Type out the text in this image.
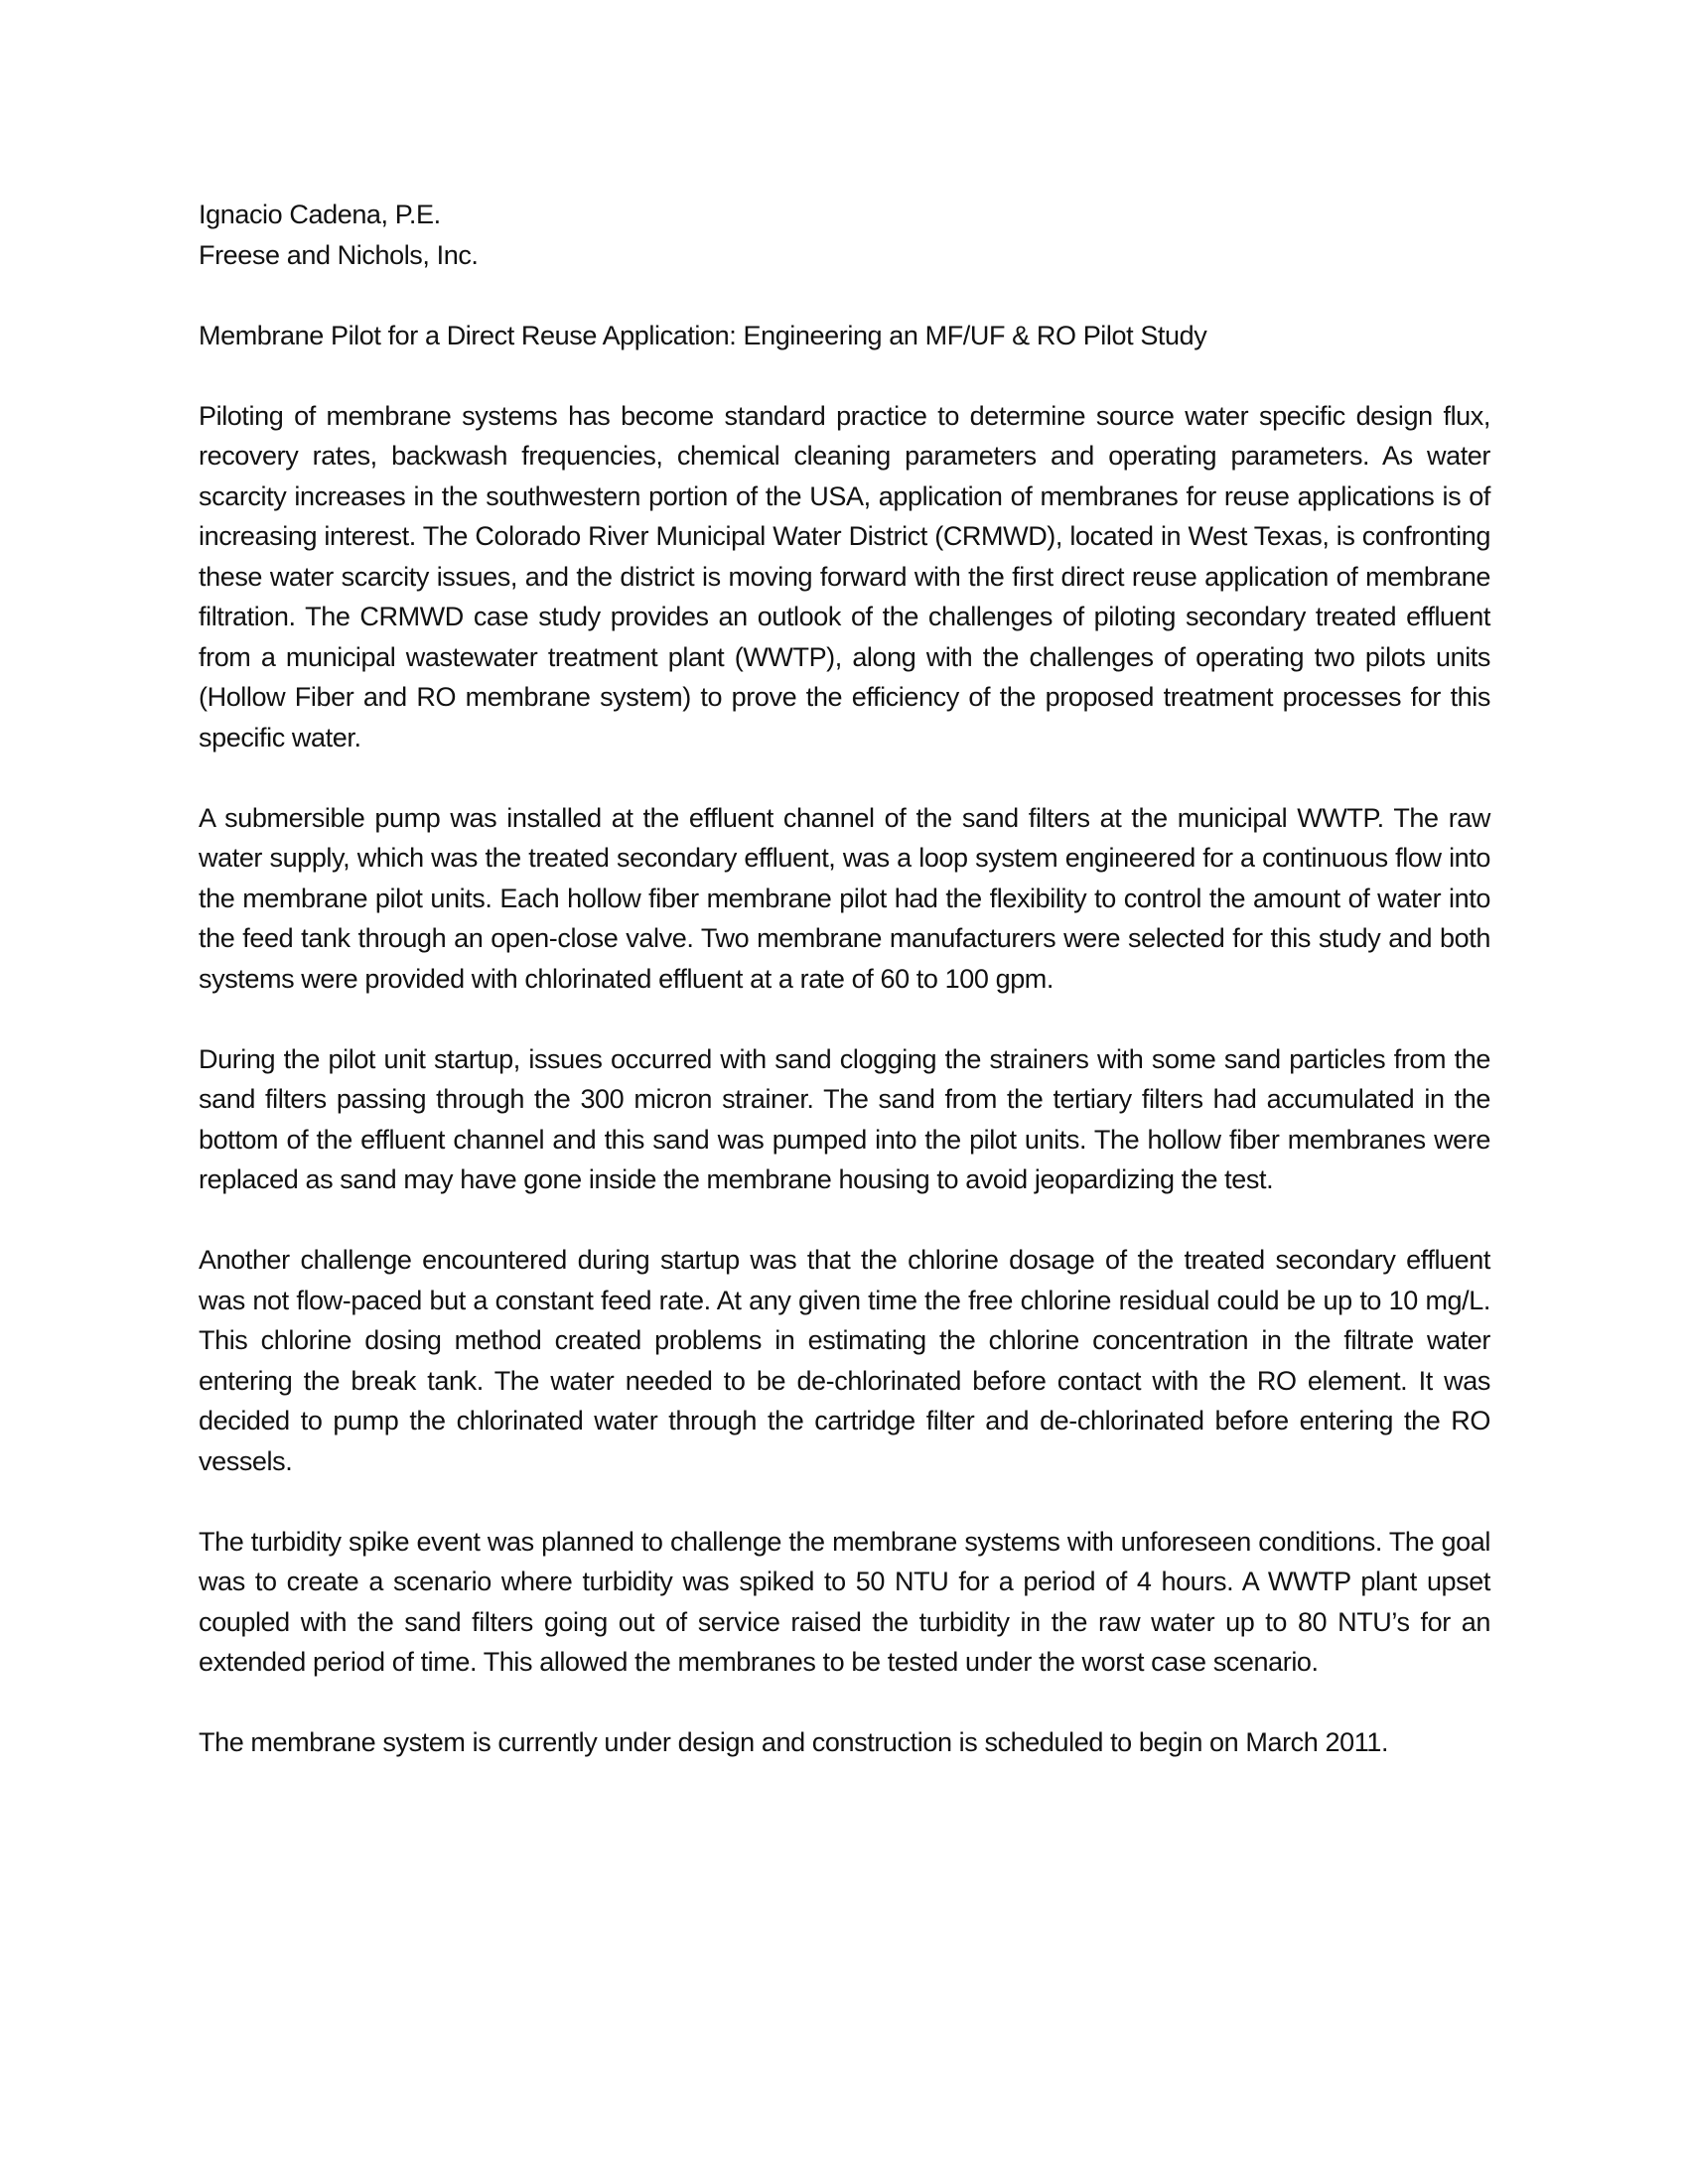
Ignacio Cadena, P.E.

Freese and Nichols, Inc.

Membrane Pilot for a Direct Reuse Application: Engineering an MF/UF & RO Pilot Study

Piloting of membrane systems has become standard practice to determine source water specific design flux, recovery rates, backwash frequencies, chemical cleaning parameters and operating parameters. As water scarcity increases in the southwestern portion of the USA, application of membranes for reuse applications is of increasing interest. The Colorado River Municipal Water District (CRMWD), located in West Texas, is confronting these water scarcity issues, and the district is moving forward with the first direct reuse application of membrane filtration. The CRMWD case study provides an outlook of the challenges of piloting secondary treated effluent from a municipal wastewater treatment plant (WWTP), along with the challenges of operating two pilots units (Hollow Fiber and RO membrane system) to prove the efficiency of the proposed treatment processes for this specific water.

A submersible pump was installed at the effluent channel of the sand filters at the municipal WWTP. The raw water supply, which was the treated secondary effluent, was a loop system engineered for a continuous flow into the membrane pilot units. Each hollow fiber membrane pilot had the flexibility to control the amount of water into the feed tank through an open-close valve. Two membrane manufacturers were selected for this study and both systems were provided with chlorinated effluent at a rate of 60 to 100 gpm.

During the pilot unit startup, issues occurred with sand clogging the strainers with some sand particles from the sand filters passing through the 300 micron strainer. The sand from the tertiary filters had accumulated in the bottom of the effluent channel and this sand was pumped into the pilot units. The hollow fiber membranes were replaced as sand may have gone inside the membrane housing to avoid jeopardizing the test.

Another challenge encountered during startup was that the chlorine dosage of the treated secondary effluent was not flow-paced but a constant feed rate. At any given time the free chlorine residual could be up to 10 mg/L. This chlorine dosing method created problems in estimating the chlorine concentration in the filtrate water entering the break tank. The water needed to be de-chlorinated before contact with the RO element. It was decided to pump the chlorinated water through the cartridge filter and de-chlorinated before entering the RO vessels.

The turbidity spike event was planned to challenge the membrane systems with unforeseen conditions. The goal was to create a scenario where turbidity was spiked to 50 NTU for a period of 4 hours. A WWTP plant upset coupled with the sand filters going out of service raised the turbidity in the raw water up to 80 NTU’s for an extended period of time. This allowed the membranes to be tested under the worst case scenario.

The membrane system is currently under design and construction is scheduled to begin on March 2011.
